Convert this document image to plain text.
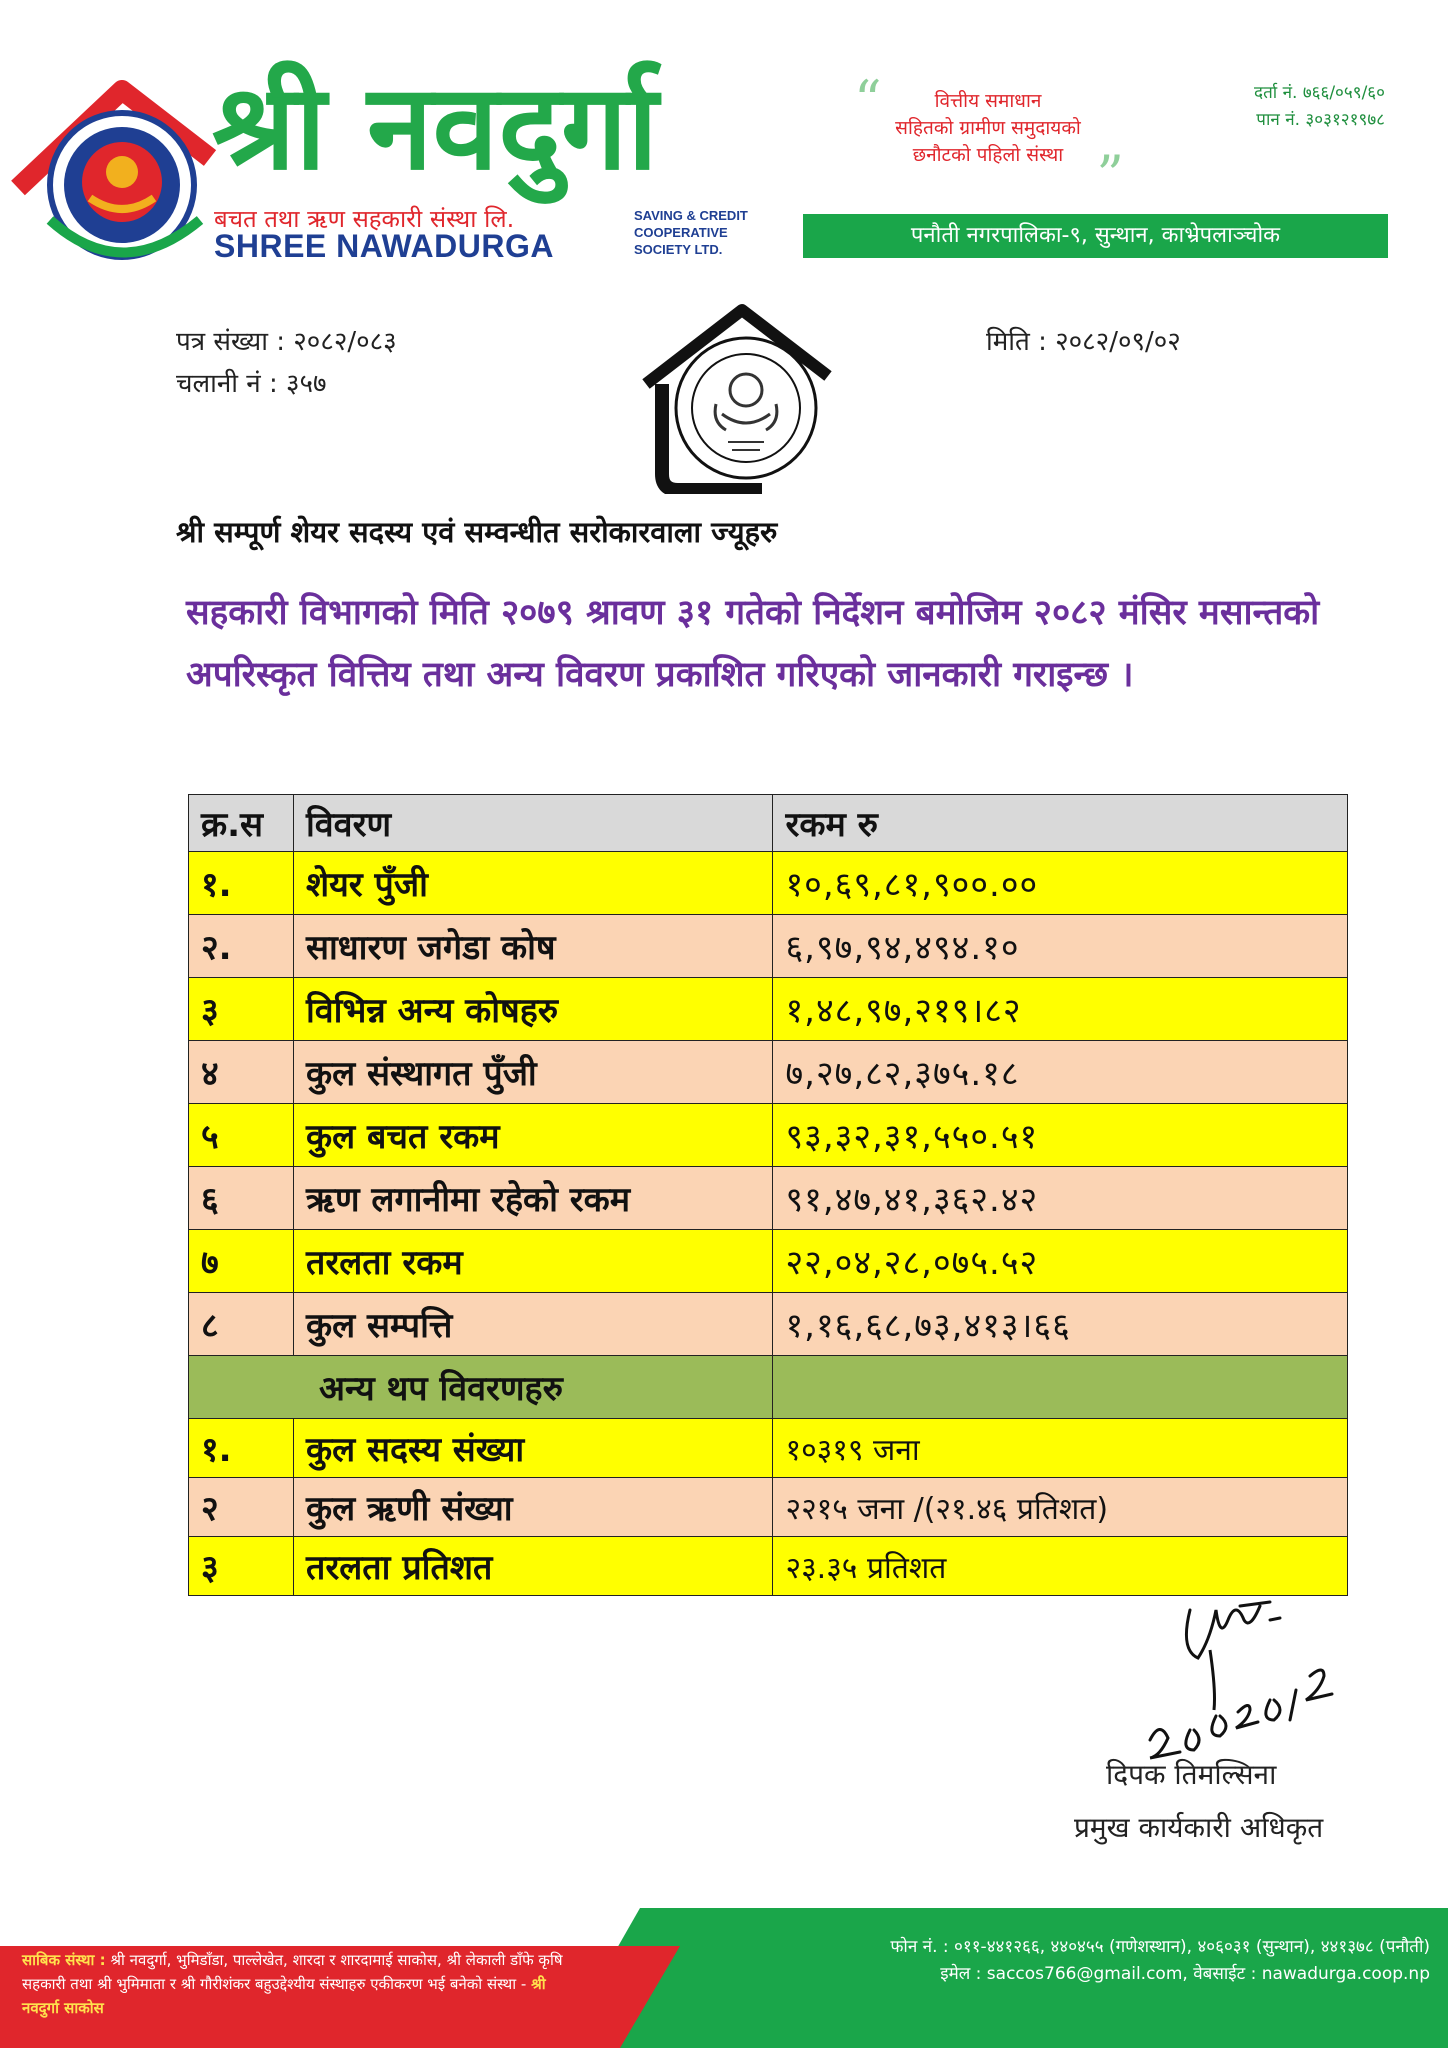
श्री नवदुर्गा
बचत तथा ऋण सहकारी संस्था लि.
SHREE NAWADURGA
SAVING & CREDIT
COOPERATIVE
SOCIETY LTD.
“	वित्तीय समाधान
सहितको ग्रामीण समुदायको
छनौटको पहिलो संस्था ”
दर्ता नं. ७६६/०५९/६०
पान नं. ३०३१२१९७८
पनौती नगरपालिका-९, सुन्थान, काभ्रेपलाञ्चोक
पत्र संख्या : २०८२/०८३
चलानी नं : ३५७
मिति : २०८२/०९/०२
श्री सम्पूर्ण शेयर सदस्य एवं सम्वन्धीत सरोकारवाला ज्यूहरु
सहकारी विभागको मिति २०७९ श्रावण ३१ गतेको निर्देशन बमोजिम २०८२ मंसिर मसान्तको अपरिस्कृत वित्तिय तथा अन्य विवरण प्रकाशित गरिएको जानकारी गराइन्छ ।
क्र.स	विवरण	रकम रु
१.	शेयर पुँजी	१०,६९,८१,९००.००
२.	साधारण जगेडा कोष	६,९७,९४,४९४.१०
३	विभिन्न अन्य कोषहरु	१,४८,९७,२१९।८२
४	कुल संस्थागत पुँजी	७,२७,८२,३७५.१८
५	कुल बचत रकम	९३,३२,३१,५५०.५१
६	ऋण लगानीमा रहेको रकम	९१,४७,४१,३६२.४२
७	तरलता रकम	२२,०४,२८,०७५.५२
८	कुल सम्पत्ति	१,१६,६८,७३,४१३।६६
अन्य थप विवरणहरु		
१.	कुल सदस्य संख्या	१०३१९ जना
२	कुल ऋणी संख्या	२२१५ जना /(२१.४६ प्रतिशत)
३	तरलता प्रतिशत	२३.३५ प्रतिशत
दिपक तिमल्सिना
प्रमुख कार्यकारी अधिकृत
साबिक संस्था : श्री नवदुर्गा, भुमिडाँडा, पाल्लेखेत, शारदा र शारदामाई साकोस, श्री लेकाली डाँफे कृषि सहकारी तथा श्री भुमिमाता र श्री गौरीशंकर बहुउद्देश्यीय संस्थाहरु एकीकरण भई बनेको संस्था - श्री नवदुर्गा साकोस
फोन नं. : ०११-४४१२६६, ४४०४५५ (गणेशस्थान), ४०६०३१ (सुन्थान), ४४१३७८ (पनौती)
इमेल : saccos766@gmail.com, वेबसाईट : nawadurga.coop.np
